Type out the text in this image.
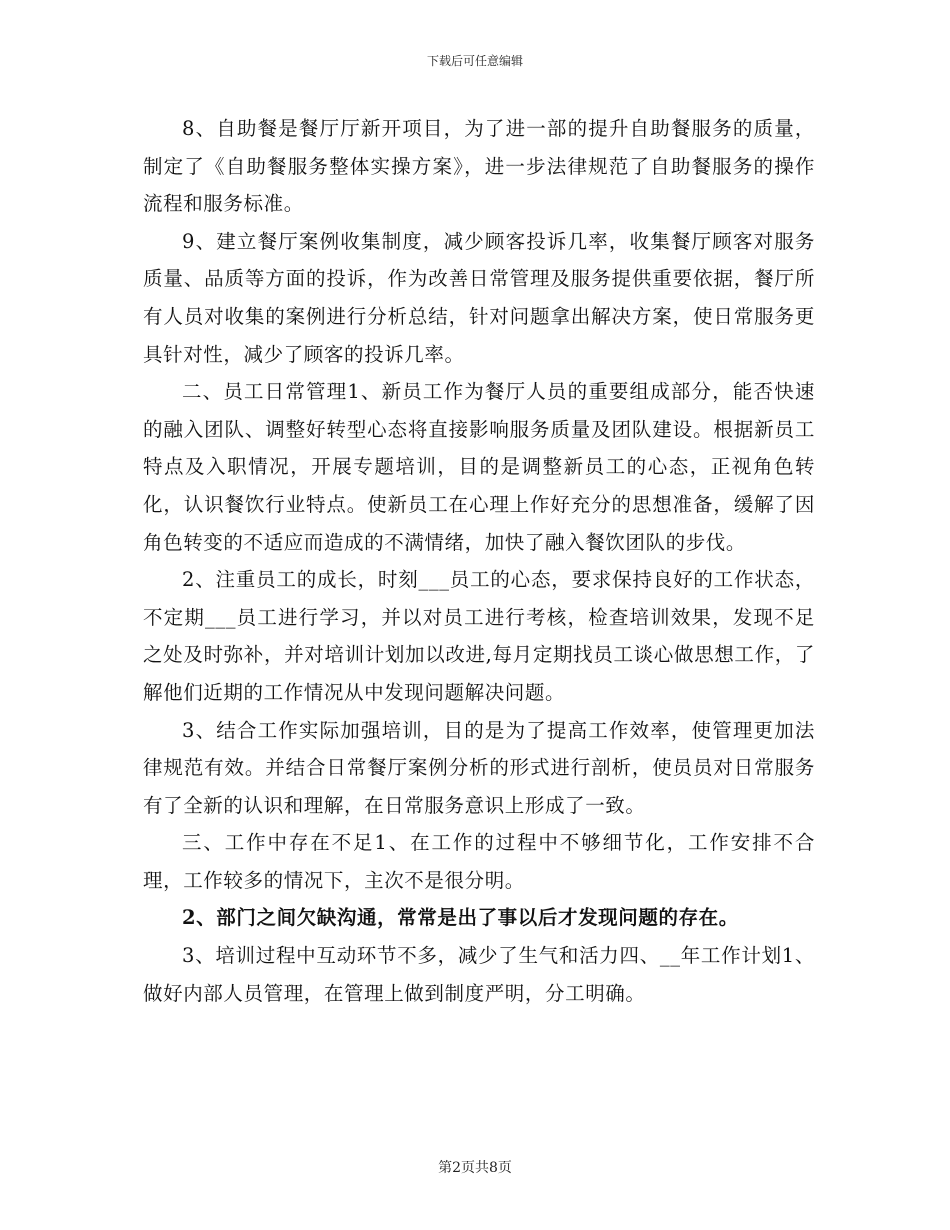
下载后可任意编辑

8、自助餐是餐厅厅新开项目，为了进一部的提升自助餐服务的质量，制定了《自助餐服务整体实操方案》，进一步法律规范了自助餐服务的操作流程和服务标准。

9、建立餐厅案例收集制度，减少顾客投诉几率，收集餐厅顾客对服务质量、品质等方面的投诉，作为改善日常管理及服务提供重要依据，餐厅所有人员对收集的案例进行分析总结，针对问题拿出解决方案，使日常服务更具针对性，减少了顾客的投诉几率。

二、员工日常管理1、新员工作为餐厅人员的重要组成部分，能否快速的融入团队、调整好转型心态将直接影响服务质量及团队建设。根据新员工特点及入职情况，开展专题培训，目的是调整新员工的心态，正视角色转化，认识餐饮行业特点。使新员工在心理上作好充分的思想准备，缓解了因角色转变的不适应而造成的不满情绪，加快了融入餐饮团队的步伐。

2、注重员工的成长，时刻___员工的心态，要求保持良好的工作状态，不定期___员工进行学习，并以对员工进行考核，检查培训效果，发现不足之处及时弥补，并对培训计划加以改进,每月定期找员工谈心做思想工作，了解他们近期的工作情况从中发现问题解决问题。

3、结合工作实际加强培训，目的是为了提高工作效率，使管理更加法律规范有效。并结合日常餐厅案例分析的形式进行剖析，使员员对日常服务有了全新的认识和理解，在日常服务意识上形成了一致。

三、工作中存在不足1、在工作的过程中不够细节化，工作安排不合理，工作较多的情况下，主次不是很分明。

2、部门之间欠缺沟通，常常是出了事以后才发现问题的存在。

3、培训过程中互动环节不多，减少了生气和活力四、__年工作计划1、做好内部人员管理，在管理上做到制度严明，分工明确。

第2页共8页
